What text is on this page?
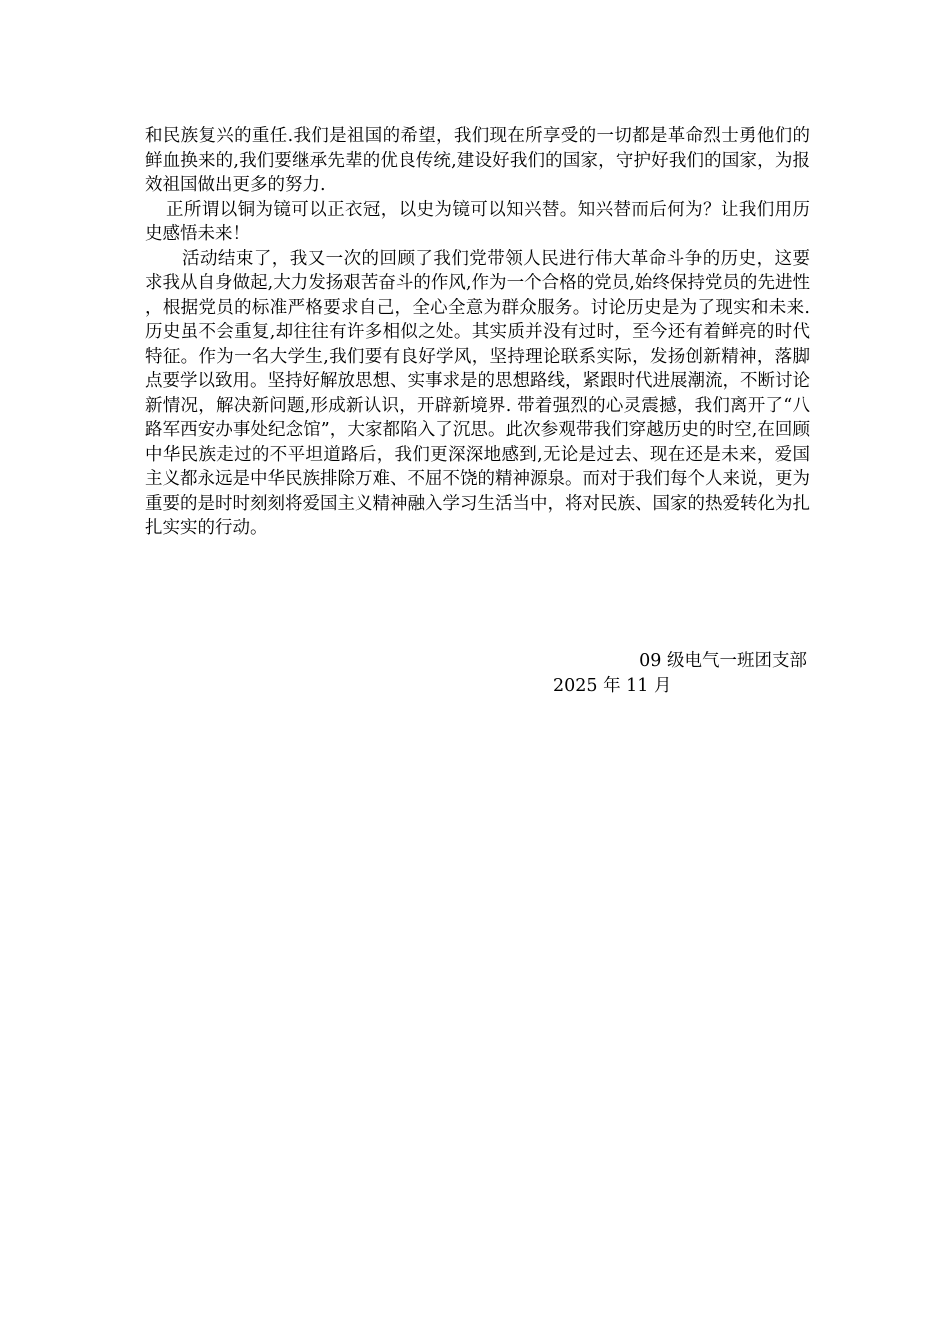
和民族复兴的重任.我们是祖国的希望，我们现在所享受的一切都是革命烈士勇他们的鲜血换来的,我们要继承先辈的优良传统,建设好我们的国家，守护好我们的国家，为报效祖国做出更多的努力.

正所谓以铜为镜可以正衣冠，以史为镜可以知兴替。知兴替而后何为？让我们用历史感悟未来！

活动结束了，我又一次的回顾了我们党带领人民进行伟大革命斗争的历史，这要求我从自身做起,大力发扬艰苦奋斗的作风,作为一个合格的党员,始终保持党员的先进性，根据党员的标准严格要求自己，全心全意为群众服务。讨论历史是为了现实和未来.历史虽不会重复,却往往有许多相似之处。其实质并没有过时，至今还有着鲜亮的时代特征。作为一名大学生,我们要有良好学风，坚持理论联系实际，发扬创新精神，落脚点要学以致用。坚持好解放思想、实事求是的思想路线，紧跟时代进展潮流，不断讨论新情况，解决新问题,形成新认识，开辟新境界. 带着强烈的心灵震撼，我们离开了“八路军西安办事处纪念馆”，大家都陷入了沉思。此次参观带我们穿越历史的时空,在回顾中华民族走过的不平坦道路后，我们更深深地感到,无论是过去、现在还是未来，爱国主义都永远是中华民族排除万难、不屈不饶的精神源泉。而对于我们每个人来说，更为重要的是时时刻刻将爱国主义精神融入学习生活当中，将对民族、国家的热爱转化为扎扎实实的行动。

09 级电气一班团支部
2025 年 11 月
